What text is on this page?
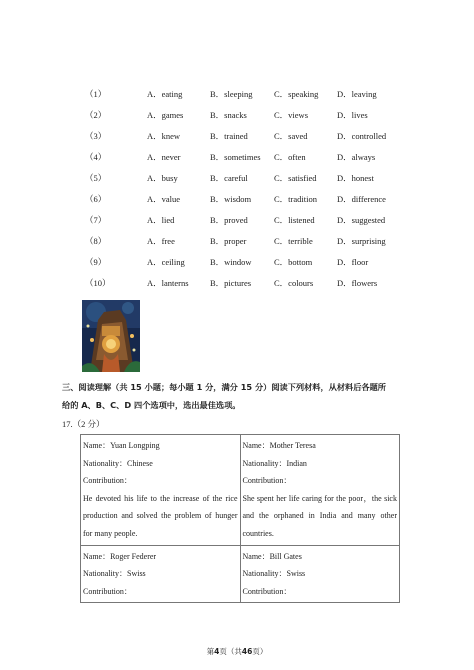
（1）	A．eating	B．sleeping	C．speaking D．leaving
（2）	A．games	B．snacks	C．views	D．lives
（3）	A．knew	B．trained	C．saved	D．controlled
（4）	A．never	B．sometimes C．often	D．always
（5）	A．busy	B．careful	C．satisfied D．honest
（6）	A．value	B．wisdom	C．tradition D．difference
（7）	A．lied	B．proved	C．listened	D．suggested
（8）	A．free	B．proper	C．terrible	D．surprising
（9）	A．ceiling	B．window	C．bottom	D．floor
（10）	A．lanterns	B．pictures	C．colours	D．flowers
三、阅读理解（共 15 小题；每小题 1 分，满分 15 分）阅读下列材料，从材料后各题所
给的 A、B、C、D 四个选项中，选出最佳选项。
17.（2 分）
Name：Yuan Longping
Nationality：Chinese
Contribution：
He devoted his life to the increase of the rice production and solved the problem of hunger for many people.	Name：Mother Teresa
Nationality：Indian
Contribution：
She spent her life caring for the poor，the sick and the orphaned in India and many other countries.

Name：Roger Federer
Nationality：Swiss
Contribution：	Name：Bill Gates
Nationality：Swiss
Contribution：
第4页（共46页）
